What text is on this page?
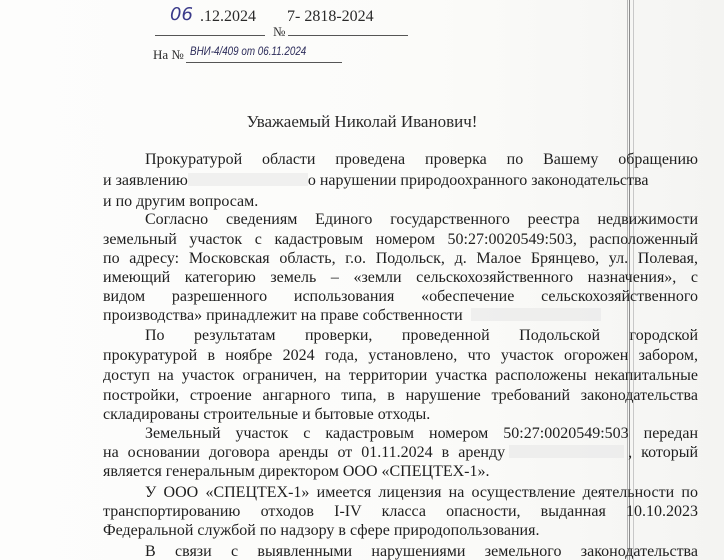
06 .12.2024 7- 2818-2024
№
На № ВНИ-4/409 от 06.11.2024
Уважаемый Николай Иванович!
Прокуратурой области проведена проверка по Вашему обращению
и заявлению	о нарушении природоохранного законодательства
и по другим вопросам.
Согласно сведениям Единого государственного реестра недвижимости
земельный участок с кадастровым номером 50:27:0020549:503, расположенный
по адресу: Московская область, г.о. Подольск, д. Малое Брянцево, ул. Полевая,
имеющий категорию земель – «земли сельскохозяйственного назначения», с
видом разрешенного использования «обеспечение сельскохозяйственного
производства» принадлежит на праве собственности
По результатам проверки, проведенной Подольской городской
прокуратурой в ноябре 2024 года, установлено, что участок огорожен забором,
доступ на участок ограничен, на территории участка расположены некапитальные
постройки, строение ангарного типа, в нарушение требований законодательства
складированы строительные и бытовые отходы.
Земельный участок с кадастровым номером 50:27:0020549:503 передан
на основании договора аренды от 01.11.2024 в аренду	, который
является генеральным директором ООО «СПЕЦТЕХ-1».
У ООО «СПЕЦТЕХ-1» имеется лицензия на осуществление деятельности по
транспортированию отходов I-IV класса опасности, выданная 10.10.2023
Федеральной службой по надзору в сфере природопользования.
В связи с выявленными нарушениями земельного законодательства
